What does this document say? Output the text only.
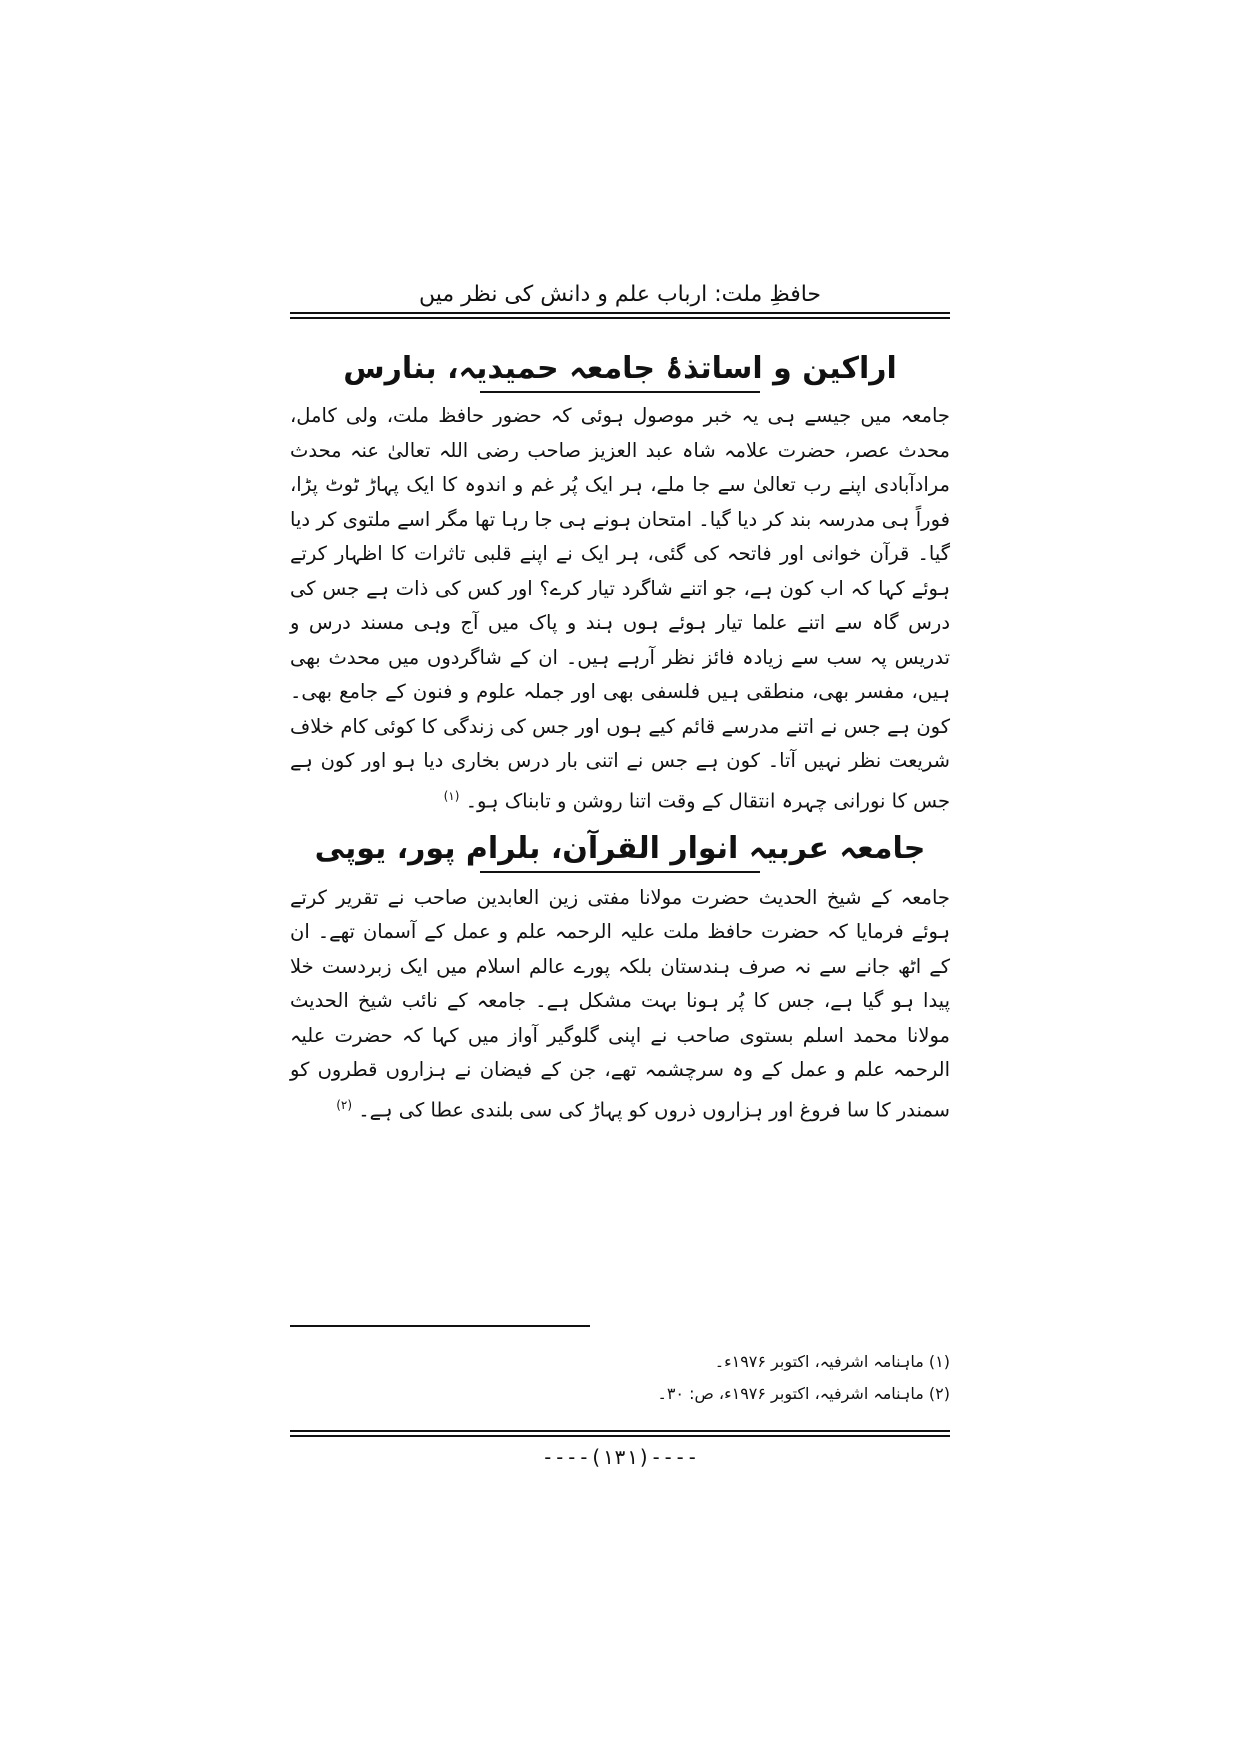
حافظِ ملت: ارباب علم و دانش کی نظر میں
اراکین و اساتذۂ جامعہ حمیدیہ، بنارس

جامعہ میں جیسے ہی یہ خبر موصول ہوئی کہ حضور حافظ ملت، ولی کامل، محدث عصر، حضرت علامہ شاہ عبد العزیز صاحب رضی اللہ تعالیٰ عنہ محدث مرادآبادی اپنے رب تعالیٰ سے جا ملے، ہر ایک پُر غم و اندوہ کا ایک پہاڑ ٹوٹ پڑا، فوراً ہی مدرسہ بند کر دیا گیا۔ امتحان ہونے ہی جا رہا تھا مگر اسے ملتوی کر دیا گیا۔ قرآن خوانی اور فاتحہ کی گئی، ہر ایک نے اپنے قلبی تاثرات کا اظہار کرتے ہوئے کہا کہ اب کون ہے، جو اتنے شاگرد تیار کرے؟ اور کس کی ذات ہے جس کی درس گاہ سے اتنے علما تیار ہوئے ہوں ہند و پاک میں آج وہی مسند درس و تدریس پہ سب سے زیادہ فائز نظر آرہے ہیں۔ ان کے شاگردوں میں محدث بھی ہیں، مفسر بھی، منطقی ہیں فلسفی بھی اور جملہ علوم و فنون کے جامع بھی۔ کون ہے جس نے اتنے مدرسے قائم کیے ہوں اور جس کی زندگی کا کوئی کام خلاف شریعت نظر نہیں آتا۔ کون ہے جس نے اتنی بار درس بخاری دیا ہو اور کون ہے جس کا نورانی چہرہ انتقال کے وقت اتنا روشن و تابناک ہو۔ $^{(۱)}$

جامعہ عربیہ انوار القرآن، بلرام پور، یوپی

جامعہ کے شیخ الحدیث حضرت مولانا مفتی زین العابدین صاحب نے تقریر کرتے ہوئے فرمایا کہ حضرت حافظ ملت علیہ الرحمہ علم و عمل کے آسمان تھے۔ ان کے اٹھ جانے سے نہ صرف ہندستان بلکہ پورے عالم اسلام میں ایک زبردست خلا پیدا ہو گیا ہے، جس کا پُر ہونا بہت مشکل ہے۔ جامعہ کے نائب شیخ الحدیث مولانا محمد اسلم بستوی صاحب نے اپنی گلوگیر آواز میں کہا کہ حضرت علیہ الرحمہ علم و عمل کے وہ سرچشمہ تھے، جن کے فیضان نے ہزاروں قطروں کو سمندر کا سا فروغ اور ہزاروں ذروں کو پہاڑ کی سی بلندی عطا کی ہے۔ $^{(۲)}$

(۱) ماہنامہ اشرفیہ، اکتوبر ۱۹۷۶ء۔
(۲) ماہنامہ اشرفیہ، اکتوبر ۱۹۷۶ء، ص: ۳۰۔
----(۱۳۱)----
